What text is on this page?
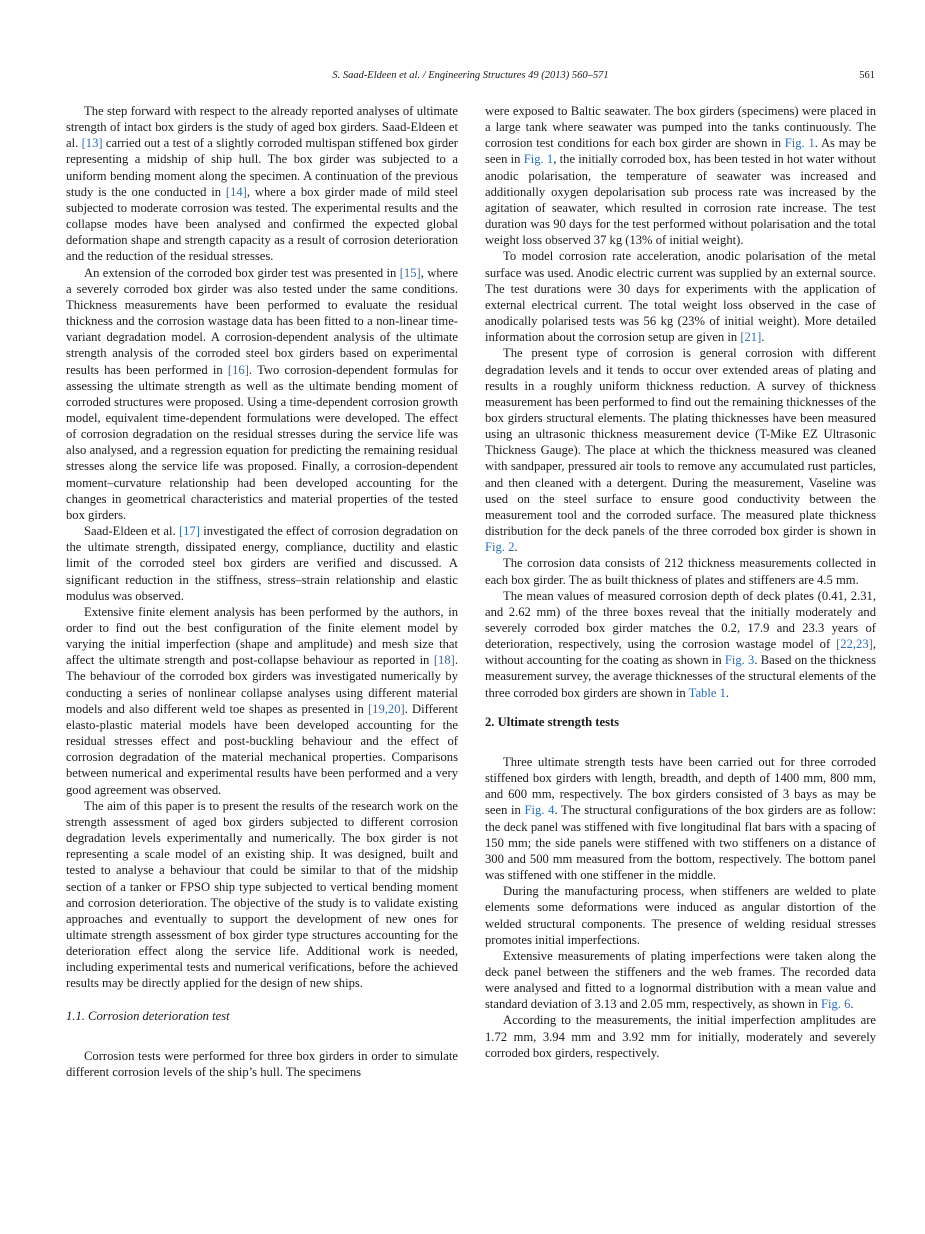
S. Saad-Eldeen et al. / Engineering Structures 49 (2013) 560–571	561

The step forward with respect to the already reported analyses of ultimate strength of intact box girders is the study of aged box girders. Saad-Eldeen et al. [13] carried out a test of a slightly corroded multispan stiffened box girder representing a midship of ship hull. The box girder was subjected to a uniform bending moment along the specimen. A continuation of the previous study is the one conducted in [14], where a box girder made of mild steel subjected to moderate corrosion was tested. The experimental results and the collapse modes have been analysed and confirmed the expected global deformation shape and strength capacity as a result of corrosion deterioration and the reduction of the residual stresses.

An extension of the corroded box girder test was presented in [15], where a severely corroded box girder was also tested under the same conditions. Thickness measurements have been performed to evaluate the residual thickness and the corrosion wastage data has been fitted to a non-linear time-variant degradation model. A corrosion-dependent analysis of the ultimate strength analysis of the corroded steel box girders based on experimental results has been performed in [16]. Two corrosion-dependent formulas for assessing the ultimate strength as well as the ultimate bending moment of corroded structures were proposed. Using a time-dependent corrosion growth model, equivalent time-dependent formulations were developed. The effect of corrosion degradation on the residual stresses during the service life was also analysed, and a regression equation for predicting the remaining residual stresses along the service life was proposed. Finally, a corrosion-dependent moment–curvature relationship had been developed accounting for the changes in geometrical characteristics and material properties of the tested box girders.

Saad-Eldeen et al. [17] investigated the effect of corrosion degradation on the ultimate strength, dissipated energy, compliance, ductility and elastic limit of the corroded steel box girders are verified and discussed. A significant reduction in the stiffness, stress–strain relationship and elastic modulus was observed.

Extensive finite element analysis has been performed by the authors, in order to find out the best configuration of the finite element model by varying the initial imperfection (shape and amplitude) and mesh size that affect the ultimate strength and post-collapse behaviour as reported in [18]. The behaviour of the corroded box girders was investigated numerically by conducting a series of nonlinear collapse analyses using different material models and also different weld toe shapes as presented in [19,20]. Different elasto-plastic material models have been developed accounting for the residual stresses effect and post-buckling behaviour and the effect of corrosion degradation of the material mechanical properties. Comparisons between numerical and experimental results have been performed and a very good agreement was observed.

The aim of this paper is to present the results of the research work on the strength assessment of aged box girders subjected to different corrosion degradation levels experimentally and numerically. The box girder is not representing a scale model of an existing ship. It was designed, built and tested to analyse a behaviour that could be similar to that of the midship section of a tanker or FPSO ship type subjected to vertical bending moment and corrosion deterioration. The objective of the study is to validate existing approaches and eventually to support the development of new ones for ultimate strength assessment of box girder type structures accounting for the deterioration effect along the service life. Additional work is needed, including experimental tests and numerical verifications, before the achieved results may be directly applied for the design of new ships.

1.1. Corrosion deterioration test

Corrosion tests were performed for three box girders in order to simulate different corrosion levels of the ship’s hull. The specimens

were exposed to Baltic seawater. The box girders (specimens) were placed in a large tank where seawater was pumped into the tanks continuously. The corrosion test conditions for each box girder are shown in Fig. 1. As may be seen in Fig. 1, the initially corroded box, has been tested in hot water without anodic polarisation, the temperature of seawater was increased and additionally oxygen depolarisation sub process rate was increased by the agitation of seawater, which resulted in corrosion rate increase. The test duration was 90 days for the test performed without polarisation and the total weight loss observed 37 kg (13% of initial weight).

To model corrosion rate acceleration, anodic polarisation of the metal surface was used. Anodic electric current was supplied by an external source. The test durations were 30 days for experiments with the application of external electrical current. The total weight loss observed in the case of anodically polarised tests was 56 kg (23% of initial weight). More detailed information about the corrosion setup are given in [21].

The present type of corrosion is general corrosion with different degradation levels and it tends to occur over extended areas of plating and results in a roughly uniform thickness reduction. A survey of thickness measurement has been performed to find out the remaining thicknesses of the box girders structural elements. The plating thicknesses have been measured using an ultrasonic thickness measurement device (T-Mike EZ Ultrasonic Thickness Gauge). The place at which the thickness measured was cleaned with sandpaper, pressured air tools to remove any accumulated rust particles, and then cleaned with a detergent. During the measurement, Vaseline was used on the steel surface to ensure good conductivity between the measurement tool and the corroded surface. The measured plate thickness distribution for the deck panels of the three corroded box girder is shown in Fig. 2.

The corrosion data consists of 212 thickness measurements collected in each box girder. The as built thickness of plates and stiffeners are 4.5 mm.

The mean values of measured corrosion depth of deck plates (0.41, 2.31, and 2.62 mm) of the three boxes reveal that the initially moderately and severely corroded box girder matches the 0.2, 17.9 and 23.3 years of deterioration, respectively, using the corrosion wastage model of [22,23], without accounting for the coating as shown in Fig. 3. Based on the thickness measurement survey, the average thicknesses of the structural elements of the three corroded box girders are shown in Table 1.

2. Ultimate strength tests

Three ultimate strength tests have been carried out for three corroded stiffened box girders with length, breadth, and depth of 1400 mm, 800 mm, and 600 mm, respectively. The box girders consisted of 3 bays as may be seen in Fig. 4. The structural configurations of the box girders are as follow: the deck panel was stiffened with five longitudinal flat bars with a spacing of 150 mm; the side panels were stiffened with two stiffeners on a distance of 300 and 500 mm measured from the bottom, respectively. The bottom panel was stiffened with one stiffener in the middle.

During the manufacturing process, when stiffeners are welded to plate elements some deformations were induced as angular distortion of the welded structural components. The presence of welding residual stresses promotes initial imperfections.

Extensive measurements of plating imperfections were taken along the deck panel between the stiffeners and the web frames. The recorded data were analysed and fitted to a lognormal distribution with a mean value and standard deviation of 3.13 and 2.05 mm, respectively, as shown in Fig. 6.

According to the measurements, the initial imperfection amplitudes are 1.72 mm, 3.94 mm and 3.92 mm for initially, moderately and severely corroded box girders, respectively.
